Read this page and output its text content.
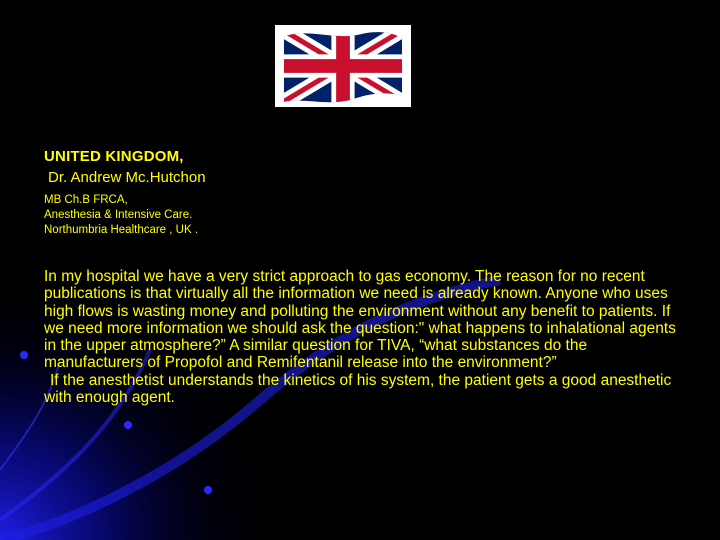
UNITED KINGDOM,
Dr. Andrew Mc.Hutchon
MB Ch.B FRCA,
Anesthesia & Intensive Care.
Northumbria Healthcare , UK .

In my hospital we have a very strict approach to gas economy. The reason for no recent publications is that virtually all the information we need is already known. Anyone who uses high flows is wasting money and polluting the environment without any benefit to patients. If we need more information we should ask the question:" what happens to inhalational agents in the upper atmosphere?” A similar question for TIVA, “what substances do the manufacturers of Propofol and Remifentanil release into the environment?”

If the anesthetist understands the kinetics of his system, the patient gets a good anesthetic with enough agent.
